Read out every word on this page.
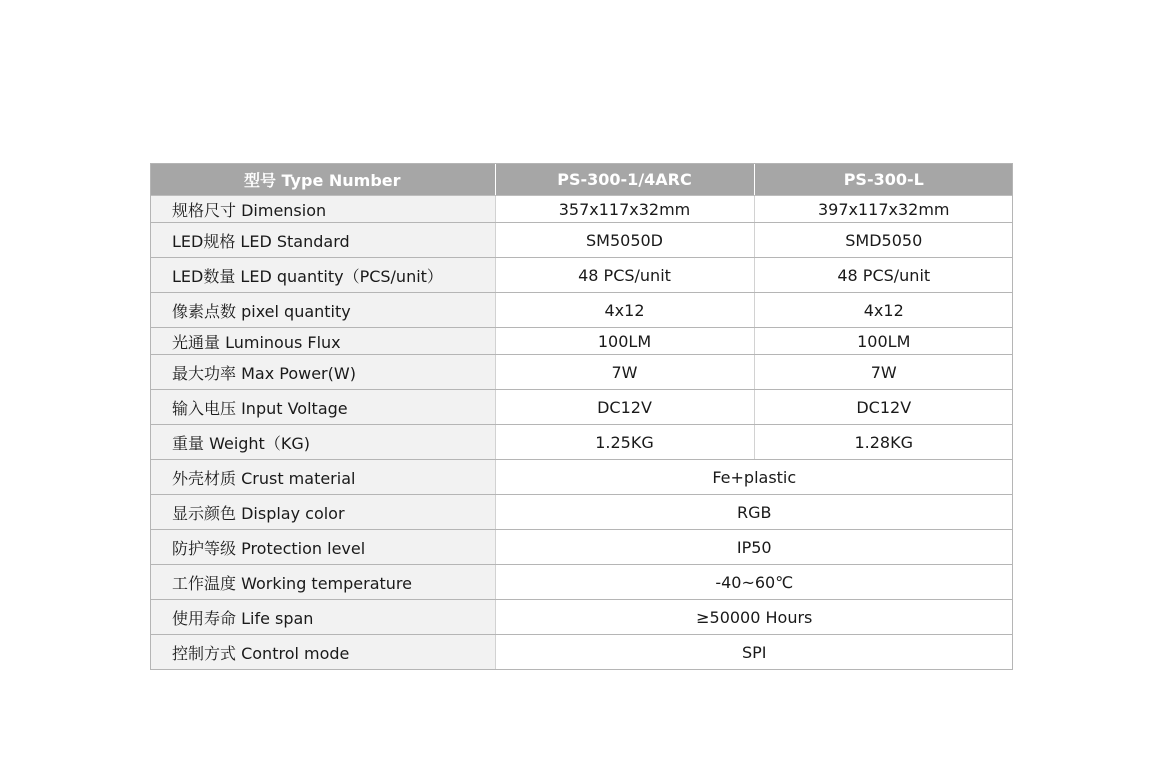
型号 Type Number	PS-300-1/4ARC	PS-300-L
规格尺寸 Dimension	357x117x32mm	397x117x32mm
LED规格 LED Standard	SM5050D	SMD5050
LED数量 LED quantity（PCS/unit）	48 PCS/unit	48 PCS/unit
像素点数 pixel quantity	4x12	4x12
光通量 Luminous Flux	100LM	100LM
最大功率 Max Power(W)	7W	7W
输入电压 Input Voltage	DC12V	DC12V
重量 Weight（KG)	1.25KG	1.28KG
外壳材质 Crust material	Fe+plastic	
显示颜色 Display color	RGB	
防护等级 Protection level	IP50	
工作温度 Working temperature	-40~60℃	
使用寿命 Life span	≥50000 Hours	
控制方式 Control mode	SPI	
